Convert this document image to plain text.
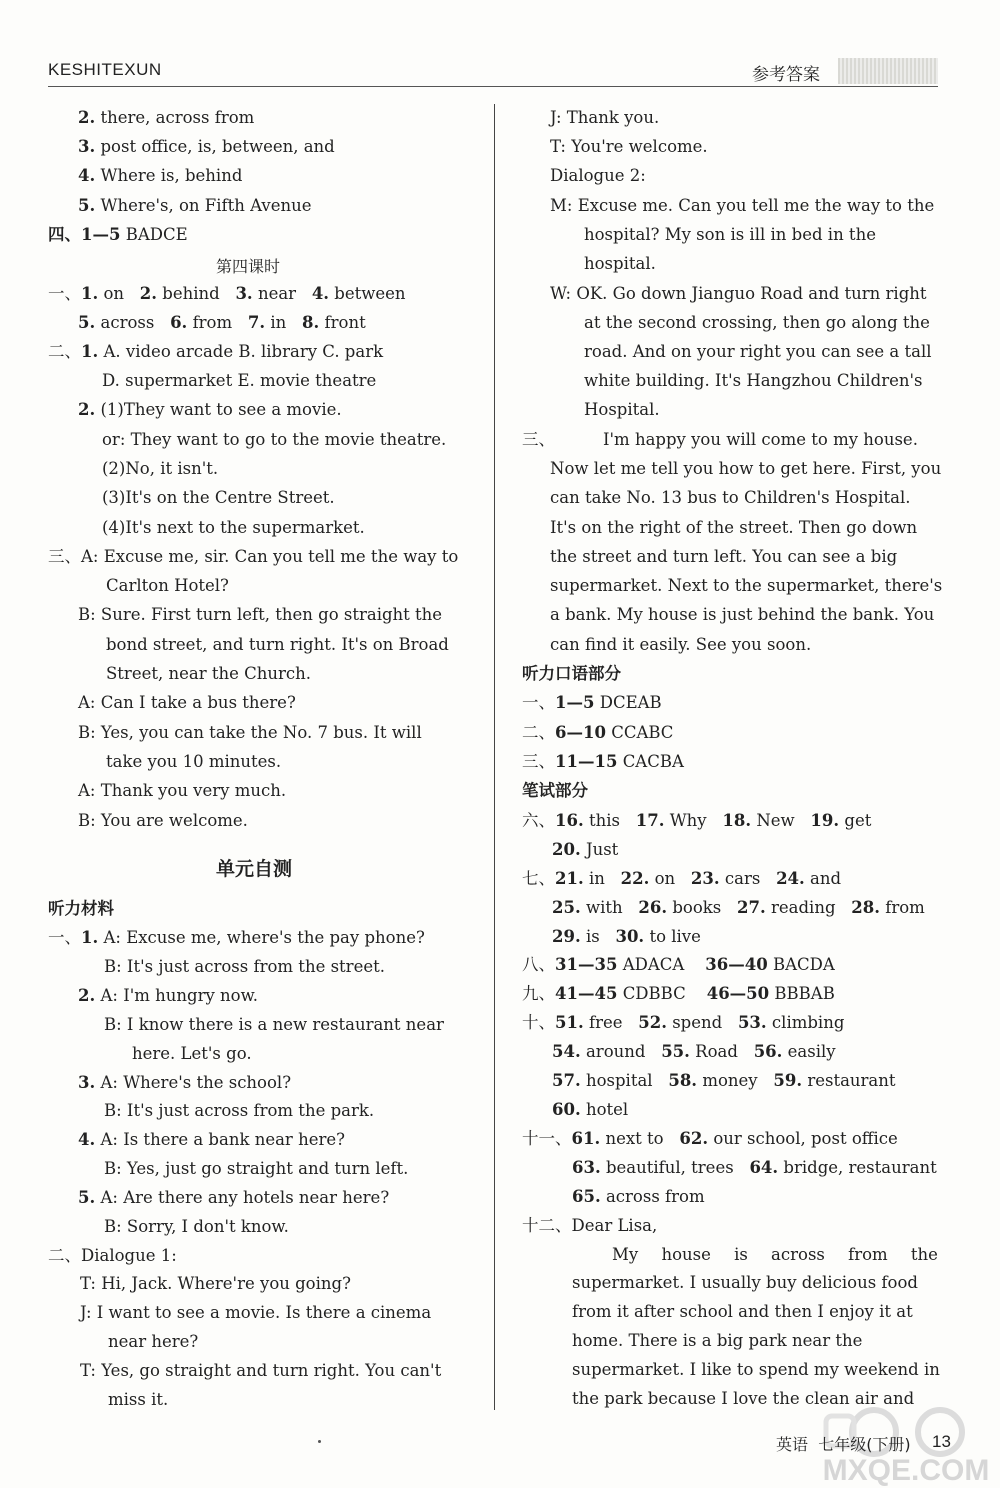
KESHITEXUN	参考答案
2. there, across from
3. post office, is, between, and
4. Where is, behind
5. Where's, on Fifth Avenue
四、1—5 BADCE
第四课时
一、1. on 2. behind 3. near 4. between
5. across 6. from 7. in 8. front
二、1. A. video arcade B. library C. park
D. supermarket E. movie theatre
2. (1)They want to see a movie.
or: They want to go to the movie theatre.
(2)No, it isn't.
(3)It's on the Centre Street.
(4)It's next to the supermarket.
三、A: Excuse me, sir. Can you tell me the way to
Carlton Hotel?
B: Sure. First turn left, then go straight the
bond street, and turn right. It's on Broad
Street, near the Church.
A: Can I take a bus there?
B: Yes, you can take the No. 7 bus. It will
take you 10 minutes.
A: Thank you very much.
B: You are welcome.
单元自测
听力材料
一、1. A: Excuse me, where's the pay phone?
B: It's just across from the street.
2. A: I'm hungry now.
B: I know there is a new restaurant near
here. Let's go.
3. A: Where's the school?
B: It's just across from the park.
4. A: Is there a bank near here?
B: Yes, just go straight and turn left.
5. A: Are there any hotels near here?
B: Sorry, I don't know.
二、Dialogue 1:
T: Hi, Jack. Where're you going?
J: I want to see a movie. Is there a cinema
near here?
T: Yes, go straight and turn right. You can't
miss it.
J: Thank you.
T: You're welcome.
Dialogue 2:
M: Excuse me. Can you tell me the way to the
hospital? My son is ill in bed in the
hospital.
W: OK. Go down Jianguo Road and turn right
at the second crossing, then go along the
road. And on your right you can see a tall
white building. It's Hangzhou Children's
Hospital.
三、	I'm happy you will come to my house.
Now let me tell you how to get here. First, you
can take No. 13 bus to Children's Hospital.
It's on the right of the street. Then go down
the street and turn left. You can see a big
supermarket. Next to the supermarket, there's
a bank. My house is just behind the bank. You
can find it easily. See you soon.
听力口语部分
一、1—5 DCEAB
二、6—10 CCABC
三、11—15 CACBA
笔试部分
六、16. this 17. Why 18. New 19. get
20. Just
七、21. in 22. on 23. cars 24. and
25. with 26. books 27. reading 28. from
29. is 30. to live
八、31—35 ADACA 36—40 BACDA
九、41—45 CDBBC 46—50 BBBAB
十、51. free 52. spend 53. climbing
54. around 55. Road 56. easily
57. hospital 58. money 59. restaurant
60. hotel
十一、61. next to 62. our school, post office
63. beautiful, trees 64. bridge, restaurant
65. across from
十二、Dear Lisa,
My house is across from the
supermarket. I usually buy delicious food
from it after school and then I enjoy it at
home. There is a big park near the
supermarket. I like to spend my weekend in
the park because I love the clean air and
MXQE.COM
英语 七年级(下册) 13
